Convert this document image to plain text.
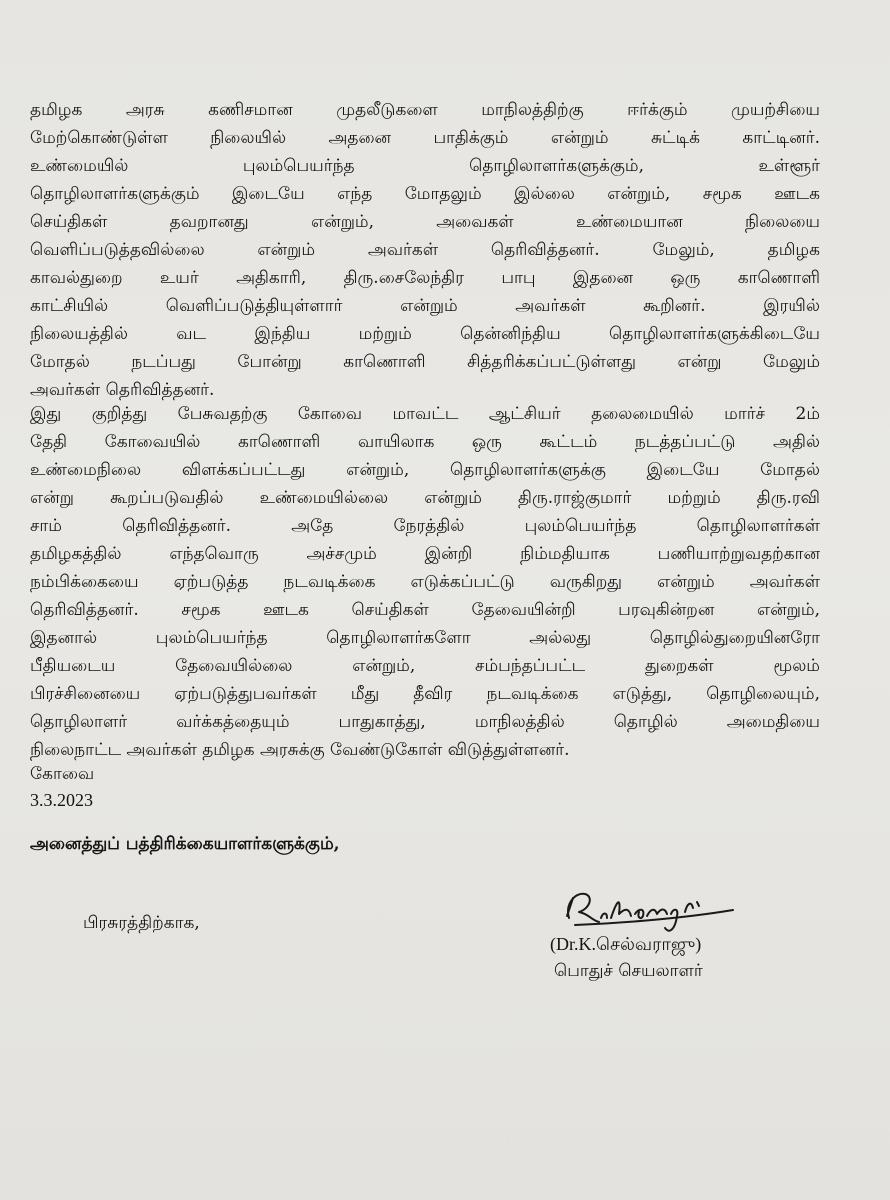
தமிழக அரசு கணிசமான முதலீடுகளை மாநிலத்திற்கு ஈர்க்கும் முயற்சியை
மேற்கொண்டுள்ள நிலையில் அதனை பாதிக்கும் என்றும் சுட்டிக் காட்டினர்.
உண்மையில் புலம்பெயர்ந்த தொழிலாளர்களுக்கும், உள்ளூர்
தொழிலாளர்களுக்கும் இடையே எந்த மோதலும் இல்லை என்றும், சமூக ஊடக
செய்திகள் தவறானது என்றும், அவைகள் உண்மையான நிலையை
வெளிப்படுத்தவில்லை என்றும் அவர்கள் தெரிவித்தனர். மேலும், தமிழக
காவல்துறை உயர் அதிகாரி, திரு.சைலேந்திர பாபு இதனை ஒரு காணொளி
காட்சியில் வெளிப்படுத்தியுள்ளார் என்றும் அவர்கள் கூறினர். இரயில்
நிலையத்தில் வட இந்திய மற்றும் தென்னிந்திய தொழிலாளர்களுக்கிடையே
மோதல் நடப்பது போன்று காணொளி சித்தரிக்கப்பட்டுள்ளது என்று மேலும்
அவர்கள் தெரிவித்தனர்.
இது குறித்து பேசுவதற்கு கோவை மாவட்ட ஆட்சியர் தலைமையில் மார்ச் 2ம்
தேதி கோவையில் காணொளி வாயிலாக ஒரு கூட்டம் நடத்தப்பட்டு அதில்
உண்மைநிலை விளக்கப்பட்டது என்றும், தொழிலாளர்களுக்கு இடையே மோதல்
என்று கூறப்படுவதில் உண்மையில்லை என்றும் திரு.ராஜ்குமார் மற்றும் திரு.ரவி
சாம் தெரிவித்தனர். அதே நேரத்தில் புலம்பெயர்ந்த தொழிலாளர்கள்
தமிழகத்தில் எந்தவொரு அச்சமும் இன்றி நிம்மதியாக பணியாற்றுவதற்கான
நம்பிக்கையை ஏற்படுத்த நடவடிக்கை எடுக்கப்பட்டு வருகிறது என்றும் அவர்கள்
தெரிவித்தனர். சமூக ஊடக செய்திகள் தேவையின்றி பரவுகின்றன என்றும்,
இதனால் புலம்பெயர்ந்த தொழிலாளர்களோ அல்லது தொழில்துறையினரோ
பீதியடைய தேவையில்லை என்றும், சம்பந்தப்பட்ட துறைகள் மூலம்
பிரச்சினையை ஏற்படுத்துபவர்கள் மீது தீவிர நடவடிக்கை எடுத்து, தொழிலையும்,
தொழிலாளர் வர்க்கத்தையும் பாதுகாத்து, மாநிலத்தில் தொழில் அமைதியை
நிலைநாட்ட அவர்கள் தமிழக அரசுக்கு வேண்டுகோள் விடுத்துள்ளனர்.
கோவை
3.3.2023
அனைத்துப் பத்திரிக்கையாளர்களுக்கும்,
பிரசுரத்திற்காக,
(Dr.K.செல்வராஜு)
பொதுச் செயலாளர்
